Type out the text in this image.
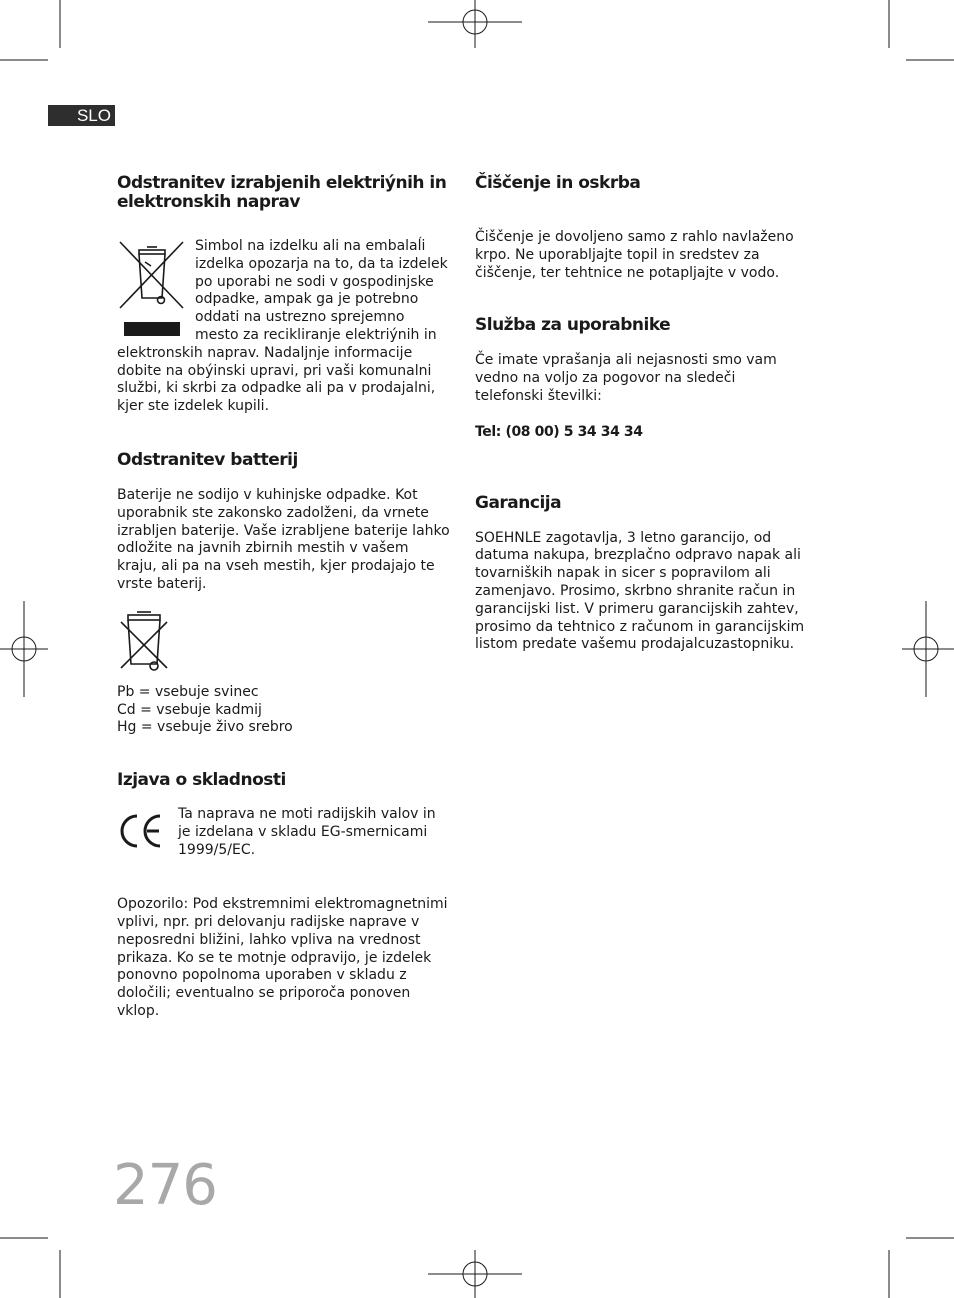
SLO
Odstranitev izrabjenih elektriýnih in
elektronskih naprav

Simbol na izdelku ali na embalaĺi izdelka opozarja na to, da ta izdelek po uporabi ne sodi v gospodinjske odpadke, ampak ga je potrebno oddati na ustrezno sprejemno mesto za recikliranje elektriýnih in elektronskih naprav. Nadaljnje informacije dobite na obýinski upravi, pri vaši komunalni službi, ki skrbi za odpadke ali pa v prodajalni, kjer ste izdelek kupili.

Odstranitev batterij

Baterije ne sodijo v kuhinjske odpadke. Kot uporabnik ste zakonsko zadolženi, da vrnete izrabljen baterije. Vaše izrabljene baterije lahko odložite na javnih zbirnih mestih v vašem kraju, ali pa na vseh mestih, kjer prodajajo te vrste baterij.

Pb = vsebuje svinec

Cd = vsebuje kadmij

Hg = vsebuje živo srebro

Izjava o skladnosti

Ta naprava ne moti radijskih valov in je izdelana v skladu EG-smernicami 1999/5/EC.

Opozorilo: Pod ekstremnimi elektromagnetnimi vplivi, npr. pri delovanju radijske naprave v neposredni bližini, lahko vpliva na vrednost prikaza. Ko se te motnje odpravijo, je izdelek ponovno popolnoma uporaben v skladu z določili; eventualno se priporoča ponoven vklop.

Čiščenje in oskrba

Čiščenje je dovoljeno samo z rahlo navlaženo krpo. Ne uporabljajte topil in sredstev za čiščenje, ter tehtnice ne potapljajte v vodo.

Služba za uporabnike

Če imate vprašanja ali nejasnosti smo vam vedno na voljo za pogovor na sledeči telefonski številki:

Tel: (08 00) 5 34 34 34

Garancija

SOEHNLE zagotavlja, 3 letno garancijo, od datuma nakupa, brezplačno odpravo napak ali tovarniških napak in sicer s popravilom ali zamenjavo. Prosimo, skrbno shranite račun in garancijski list. V primeru garancijskih zahtev, prosimo da tehtnico z računom in garancijskim listom predate vašemu prodajalcuzastopniku.

276
